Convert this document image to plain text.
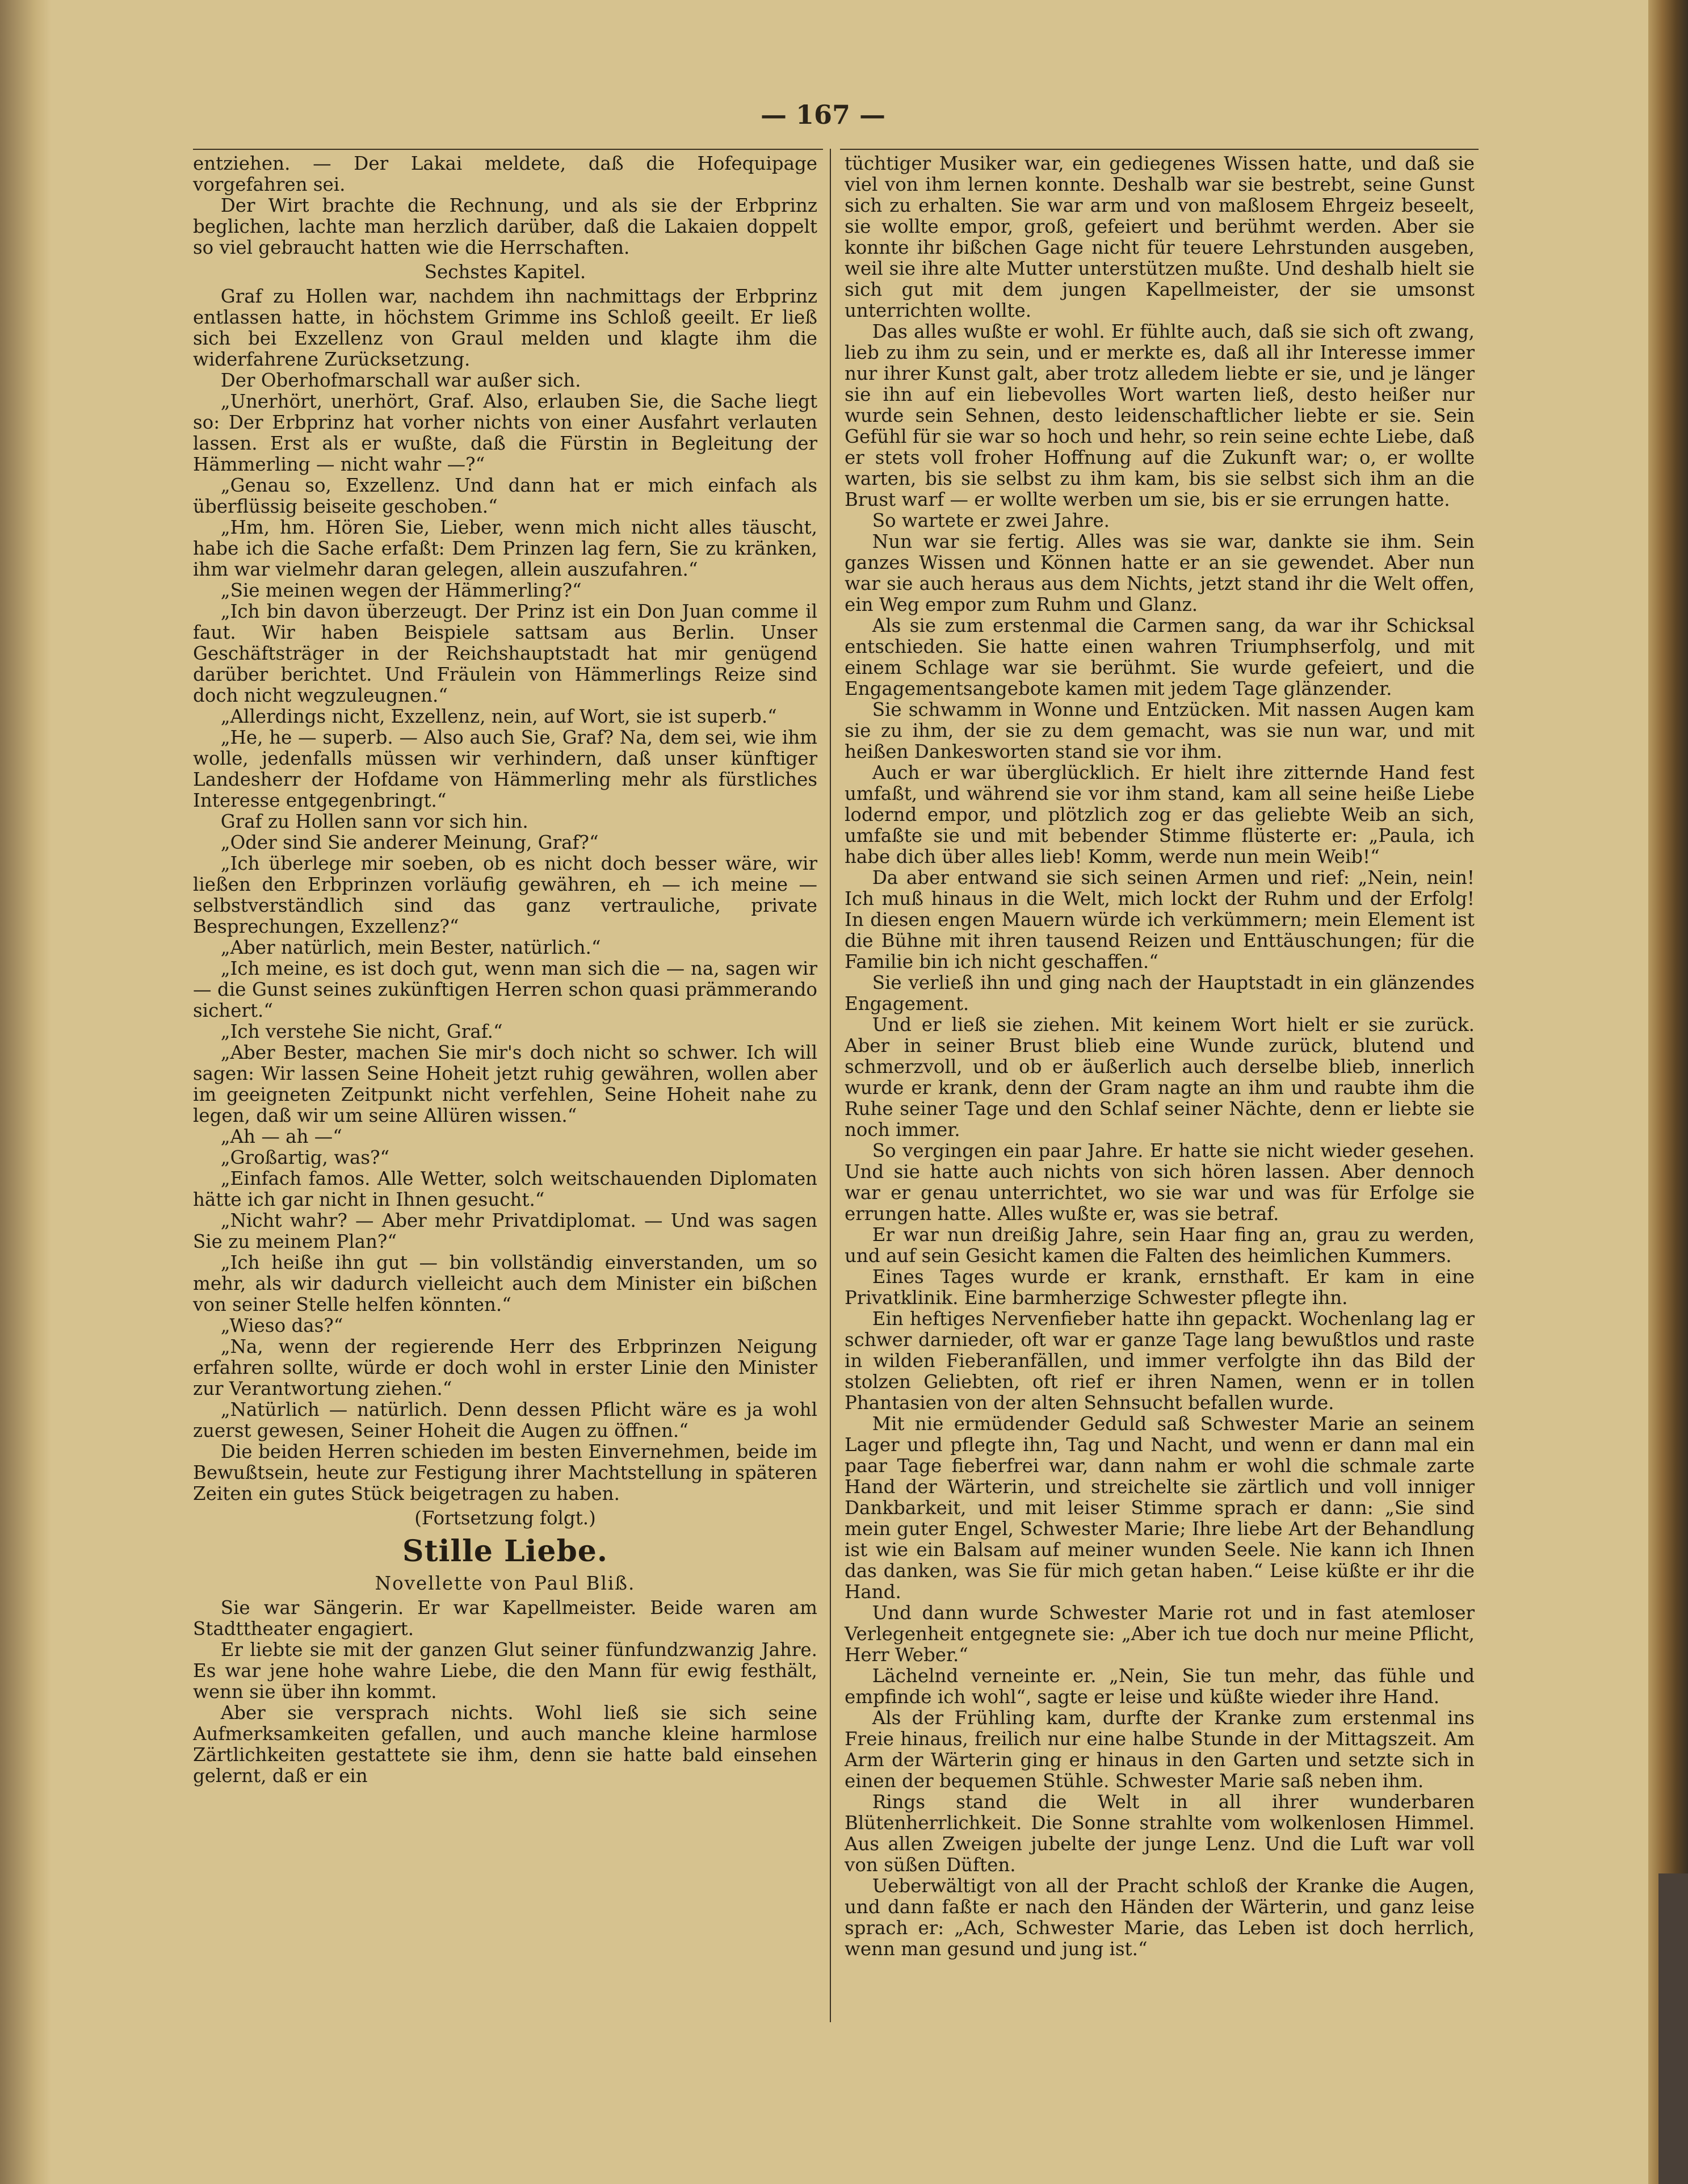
— 167 —

entziehen. — Der Lakai meldete, daß die Hofequipage vorgefahren sei.

Der Wirt brachte die Rechnung, und als sie der Erbprinz beglichen, lachte man herzlich darüber, daß die Lakaien doppelt so viel gebraucht hatten wie die Herrschaften.

Sechstes Kapitel.

Graf zu Hollen war, nachdem ihn nachmittags der Erbprinz entlassen hatte, in höchstem Grimme ins Schloß geeilt. Er ließ sich bei Exzellenz von Graul melden und klagte ihm die widerfahrene Zurücksetzung.

Der Oberhofmarschall war außer sich.

„Unerhört, unerhört, Graf. Also, erlauben Sie, die Sache liegt so: Der Erbprinz hat vorher nichts von einer Ausfahrt verlauten lassen. Erst als er wußte, daß die Fürstin in Begleitung der Hämmerling — nicht wahr —?“

„Genau so, Exzellenz. Und dann hat er mich einfach als überflüssig beiseite geschoben.“

„Hm, hm. Hören Sie, Lieber, wenn mich nicht alles täuscht, habe ich die Sache erfaßt: Dem Prinzen lag fern, Sie zu kränken, ihm war vielmehr daran gelegen, allein auszufahren.“

„Sie meinen wegen der Hämmerling?“

„Ich bin davon überzeugt. Der Prinz ist ein Don Juan comme il faut. Wir haben Beispiele sattsam aus Berlin. Unser Geschäftsträger in der Reichshauptstadt hat mir genügend darüber berichtet. Und Fräulein von Hämmerlings Reize sind doch nicht wegzuleugnen.“

„Allerdings nicht, Exzellenz, nein, auf Wort, sie ist superb.“

„He, he — superb. — Also auch Sie, Graf? Na, dem sei, wie ihm wolle, jedenfalls müssen wir verhindern, daß unser künftiger Landesherr der Hofdame von Hämmerling mehr als fürstliches Interesse entgegenbringt.“

Graf zu Hollen sann vor sich hin.

„Oder sind Sie anderer Meinung, Graf?“

„Ich überlege mir soeben, ob es nicht doch besser wäre, wir ließen den Erbprinzen vorläufig gewähren, eh — ich meine — selbstverständlich sind das ganz vertrauliche, private Besprechungen, Exzellenz?“

„Aber natürlich, mein Bester, natürlich.“

„Ich meine, es ist doch gut, wenn man sich die — na, sagen wir — die Gunst seines zukünftigen Herren schon quasi prämmerando sichert.“

„Ich verstehe Sie nicht, Graf.“

„Aber Bester, machen Sie mir's doch nicht so schwer. Ich will sagen: Wir lassen Seine Hoheit jetzt ruhig gewähren, wollen aber im geeigneten Zeitpunkt nicht verfehlen, Seine Hoheit nahe zu legen, daß wir um seine Allüren wissen.“

„Ah — ah —“

„Großartig, was?“

„Einfach famos. Alle Wetter, solch weitschauenden Diplomaten hätte ich gar nicht in Ihnen gesucht.“

„Nicht wahr? — Aber mehr Privatdiplomat. — Und was sagen Sie zu meinem Plan?“

„Ich heiße ihn gut — bin vollständig einverstanden, um so mehr, als wir dadurch vielleicht auch dem Minister ein bißchen von seiner Stelle helfen könnten.“

„Wieso das?“

„Na, wenn der regierende Herr des Erbprinzen Neigung erfahren sollte, würde er doch wohl in erster Linie den Minister zur Verantwortung ziehen.“

„Natürlich — natürlich. Denn dessen Pflicht wäre es ja wohl zuerst gewesen, Seiner Hoheit die Augen zu öffnen.“

Die beiden Herren schieden im besten Einvernehmen, beide im Bewußtsein, heute zur Festigung ihrer Machtstellung in späteren Zeiten ein gutes Stück beigetragen zu haben.

(Fortsetzung folgt.)

Stille Liebe.

Novellette von Paul Bliß.

Sie war Sängerin. Er war Kapellmeister. Beide waren am Stadttheater engagiert.

Er liebte sie mit der ganzen Glut seiner fünfundzwanzig Jahre. Es war jene hohe wahre Liebe, die den Mann für ewig festhält, wenn sie über ihn kommt.

Aber sie versprach nichts. Wohl ließ sie sich seine Aufmerksamkeiten gefallen, und auch manche kleine harmlose Zärtlichkeiten gestattete sie ihm, denn sie hatte bald einsehen gelernt, daß er ein

tüchtiger Musiker war, ein gediegenes Wissen hatte, und daß sie viel von ihm lernen konnte. Deshalb war sie bestrebt, seine Gunst sich zu erhalten. Sie war arm und von maßlosem Ehrgeiz beseelt, sie wollte empor, groß, gefeiert und berühmt werden. Aber sie konnte ihr bißchen Gage nicht für teuere Lehrstunden ausgeben, weil sie ihre alte Mutter unterstützen mußte. Und deshalb hielt sie sich gut mit dem jungen Kapellmeister, der sie umsonst unterrichten wollte.

Das alles wußte er wohl. Er fühlte auch, daß sie sich oft zwang, lieb zu ihm zu sein, und er merkte es, daß all ihr Interesse immer nur ihrer Kunst galt, aber trotz alledem liebte er sie, und je länger sie ihn auf ein liebevolles Wort warten ließ, desto heißer nur wurde sein Sehnen, desto leidenschaftlicher liebte er sie. Sein Gefühl für sie war so hoch und hehr, so rein seine echte Liebe, daß er stets voll froher Hoffnung auf die Zukunft war; o, er wollte warten, bis sie selbst zu ihm kam, bis sie selbst sich ihm an die Brust warf — er wollte werben um sie, bis er sie errungen hatte.

So wartete er zwei Jahre.

Nun war sie fertig. Alles was sie war, dankte sie ihm. Sein ganzes Wissen und Können hatte er an sie gewendet. Aber nun war sie auch heraus aus dem Nichts, jetzt stand ihr die Welt offen, ein Weg empor zum Ruhm und Glanz.

Als sie zum erstenmal die Carmen sang, da war ihr Schicksal entschieden. Sie hatte einen wahren Triumphserfolg, und mit einem Schlage war sie berühmt. Sie wurde gefeiert, und die Engagementsangebote kamen mit jedem Tage glänzender.

Sie schwamm in Wonne und Entzücken. Mit nassen Augen kam sie zu ihm, der sie zu dem gemacht, was sie nun war, und mit heißen Dankesworten stand sie vor ihm.

Auch er war überglücklich. Er hielt ihre zitternde Hand fest umfaßt, und während sie vor ihm stand, kam all seine heiße Liebe lodernd empor, und plötzlich zog er das geliebte Weib an sich, umfaßte sie und mit bebender Stimme flüsterte er: „Paula, ich habe dich über alles lieb! Komm, werde nun mein Weib!“

Da aber entwand sie sich seinen Armen und rief: „Nein, nein! Ich muß hinaus in die Welt, mich lockt der Ruhm und der Erfolg! In diesen engen Mauern würde ich verkümmern; mein Element ist die Bühne mit ihren tausend Reizen und Enttäuschungen; für die Familie bin ich nicht geschaffen.“

Sie verließ ihn und ging nach der Hauptstadt in ein glänzendes Engagement.

Und er ließ sie ziehen. Mit keinem Wort hielt er sie zurück. Aber in seiner Brust blieb eine Wunde zurück, blutend und schmerzvoll, und ob er äußerlich auch derselbe blieb, innerlich wurde er krank, denn der Gram nagte an ihm und raubte ihm die Ruhe seiner Tage und den Schlaf seiner Nächte, denn er liebte sie noch immer.

So vergingen ein paar Jahre. Er hatte sie nicht wieder gesehen. Und sie hatte auch nichts von sich hören lassen. Aber dennoch war er genau unterrichtet, wo sie war und was für Erfolge sie errungen hatte. Alles wußte er, was sie betraf.

Er war nun dreißig Jahre, sein Haar fing an, grau zu werden, und auf sein Gesicht kamen die Falten des heimlichen Kummers.

Eines Tages wurde er krank, ernsthaft. Er kam in eine Privatklinik. Eine barmherzige Schwester pflegte ihn.

Ein heftiges Nervenfieber hatte ihn gepackt. Wochenlang lag er schwer darnieder, oft war er ganze Tage lang bewußtlos und raste in wilden Fieberanfällen, und immer verfolgte ihn das Bild der stolzen Geliebten, oft rief er ihren Namen, wenn er in tollen Phantasien von der alten Sehnsucht befallen wurde.

Mit nie ermüdender Geduld saß Schwester Marie an seinem Lager und pflegte ihn, Tag und Nacht, und wenn er dann mal ein paar Tage fieberfrei war, dann nahm er wohl die schmale zarte Hand der Wärterin, und streichelte sie zärtlich und voll inniger Dankbarkeit, und mit leiser Stimme sprach er dann: „Sie sind mein guter Engel, Schwester Marie; Ihre liebe Art der Behandlung ist wie ein Balsam auf meiner wunden Seele. Nie kann ich Ihnen das danken, was Sie für mich getan haben.“ Leise küßte er ihr die Hand.

Und dann wurde Schwester Marie rot und in fast atemloser Verlegenheit entgegnete sie: „Aber ich tue doch nur meine Pflicht, Herr Weber.“

Lächelnd verneinte er. „Nein, Sie tun mehr, das fühle und empfinde ich wohl“, sagte er leise und küßte wieder ihre Hand.

Als der Frühling kam, durfte der Kranke zum erstenmal ins Freie hinaus, freilich nur eine halbe Stunde in der Mittagszeit. Am Arm der Wärterin ging er hinaus in den Garten und setzte sich in einen der bequemen Stühle. Schwester Marie saß neben ihm.

Rings stand die Welt in all ihrer wunderbaren Blütenherrlichkeit. Die Sonne strahlte vom wolkenlosen Himmel. Aus allen Zweigen jubelte der junge Lenz. Und die Luft war voll von süßen Düften.

Ueberwältigt von all der Pracht schloß der Kranke die Augen, und dann faßte er nach den Händen der Wärterin, und ganz leise sprach er: „Ach, Schwester Marie, das Leben ist doch herrlich, wenn man gesund und jung ist.“
